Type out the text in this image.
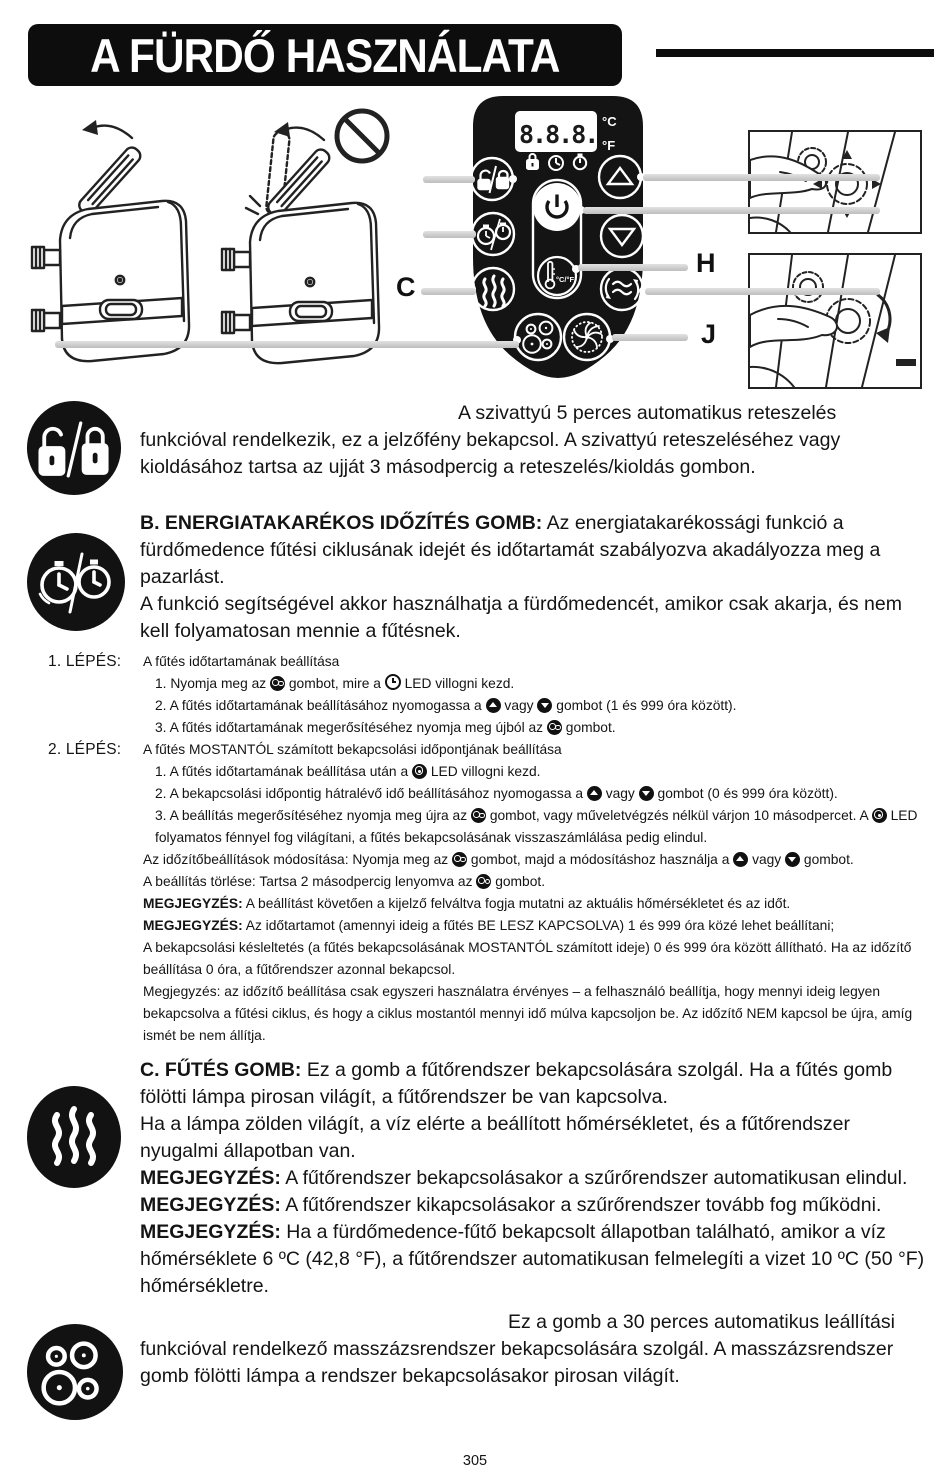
A FÜRDŐ HASZNÁLATA
C
H
J
8.8.8. °C
°F
°C/°F

A szivattyú 5 perces automatikus reteszelés funkcióval rendelkezik, ez a jelzőfény bekapcsol. A szivattyú reteszeléséhez vagy kioldásához tartsa az ujját 3 másodpercig a reteszelés/kioldás gombon.

B. ENERGIATAKARÉKOS IDŐZÍTÉS GOMB: Az energiatakarékossági funkció a fürdőmedence fűtési ciklusának idejét és időtartamát szabályozva akadályozza meg a pazarlást.

A funkció segítségével akkor használhatja a fürdőmedencét, amikor csak akarja, és nem kell folyamatosan mennie a fűtésnek.

1. LÉPÉS:	A fűtés időtartamának beállítása
1. Nyomja meg az gombot, mire a LED villogni kezd.
2. A fűtés időtartamának beállításához nyomogassa a vagy gombot (1 és 999 óra között).
3. A fűtés időtartamának megerősítéséhez nyomja meg újból az gombot.
2. LÉPÉS:	A fűtés MOSTANTÓL számított bekapcsolási időpontjának beállítása
1. A fűtés időtartamának beállítása után a LED villogni kezd.
2. A bekapcsolási időpontig hátralévő idő beállításához nyomogassa a vagy gombot (0 és 999 óra között).
3. A beállítás megerősítéséhez nyomja meg újra az gombot, vagy műveletvégzés nélkül várjon 10 másodpercet. A LED folyamatos fénnyel fog világítani, a fűtés bekapcsolásának visszaszámlálása pedig elindul.
Az időzítőbeállítások módosítása: Nyomja meg az gombot, majd a módosításhoz használja a vagy gombot.
A beállítás törlése: Tartsa 2 másodpercig lenyomva az gombot.
MEGJEGYZÉS: A beállítást követően a kijelző felváltva fogja mutatni az aktuális hőmérsékletet és az időt.
MEGJEGYZÉS: Az időtartamot (amennyi ideig a fűtés BE LESZ KAPCSOLVA) 1 és 999 óra közé lehet beállítani;
A bekapcsolási késleltetés (a fűtés bekapcsolásának MOSTANTÓL számított ideje) 0 és 999 óra között állítható. Ha az időzítő beállítása 0 óra, a fűtőrendszer azonnal bekapcsol.
Megjegyzés: az időzítő beállítása csak egyszeri használatra érvényes – a felhasználó beállítja, hogy mennyi ideig legyen bekapcsolva a fűtési ciklus, és hogy a ciklus mostantól mennyi idő múlva kapcsoljon be. Az időzítő NEM kapcsol be újra, amíg ismét be nem állítja.

C. FŰTÉS GOMB: Ez a gomb a fűtőrendszer bekapcsolására szolgál. Ha a fűtés gomb fölötti lámpa pirosan világít, a fűtőrendszer be van kapcsolva.

Ha a lámpa zölden világít, a víz elérte a beállított hőmérsékletet, és a fűtőrendszer nyugalmi állapotban van.

MEGJEGYZÉS: A fűtőrendszer bekapcsolásakor a szűrőrendszer automatikusan elindul.

MEGJEGYZÉS: A fűtőrendszer kikapcsolásakor a szűrőrendszer tovább fog működni.

MEGJEGYZÉS: Ha a fürdőmedence-fűtő bekapcsolt állapotban található, amikor a víz hőmérséklete 6 ºC (42,8 °F), a fűtőrendszer automatikusan felmelegíti a vizet 10 ºC (50 °F) hőmérsékletre.

Ez a gomb a 30 perces automatikus leállítási funkcióval rendelkező masszázsrendszer bekapcsolására szolgál. A masszázsrendszer gomb fölötti lámpa a rendszer bekapcsolásakor pirosan világít.

305
